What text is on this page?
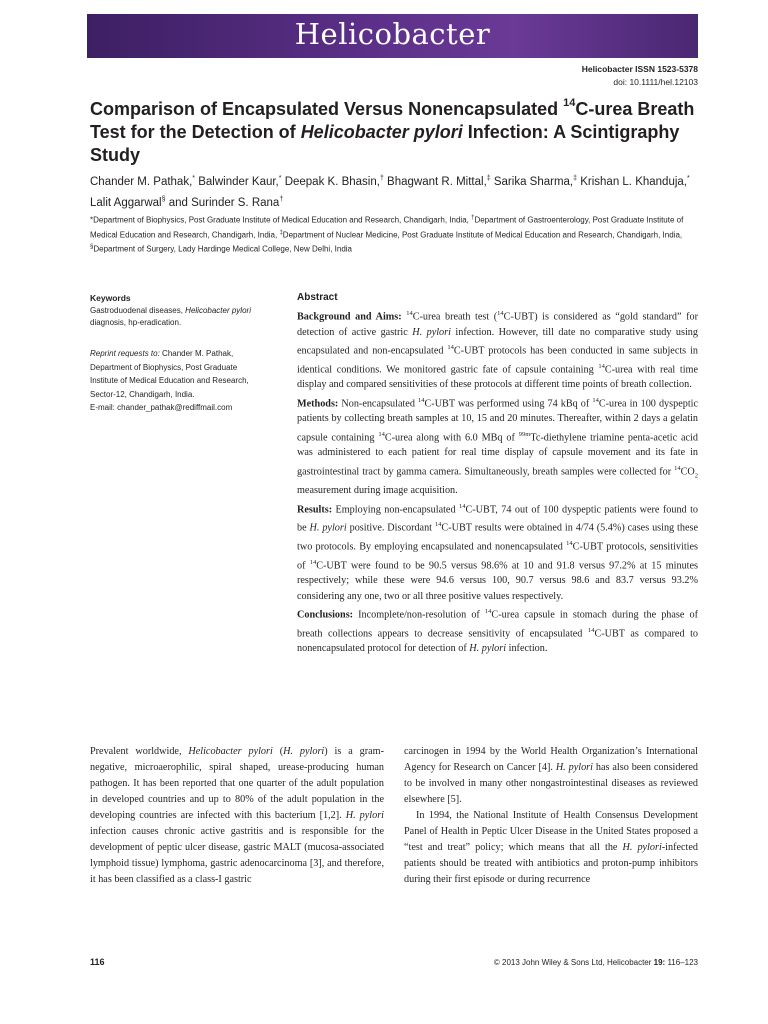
Helicobacter
Helicobacter ISSN 1523-5378
doi: 10.1111/hel.12103
Comparison of Encapsulated Versus Nonencapsulated $^{14}$C-urea Breath Test for the Detection of Helicobacter pylori Infection: A Scintigraphy Study
Chander M. Pathak,* Balwinder Kaur,* Deepak K. Bhasin,† Bhagwant R. Mittal,‡ Sarika Sharma,‡ Krishan L. Khanduja,* Lalit Aggarwal§ and Surinder S. Rana†
*Department of Biophysics, Post Graduate Institute of Medical Education and Research, Chandigarh, India, †Department of Gastroenterology, Post Graduate Institute of Medical Education and Research, Chandigarh, India, ‡Department of Nuclear Medicine, Post Graduate Institute of Medical Education and Research, Chandigarh, India, §Department of Surgery, Lady Hardinge Medical College, New Delhi, India
Keywords
Gastroduodenal diseases, Helicobacter pylori diagnosis, hp-eradication.
Reprint requests to: Chander M. Pathak,
Department of Biophysics, Post Graduate
Institute of Medical Education and Research,
Sector-12, Chandigarh, India.
E-mail: chander_pathak@rediffmail.com
Abstract
Background and Aims: $^{14}$C-urea breath test ($^{14}$C-UBT) is considered as “gold standard” for detection of active gastric H. pylori infection. However, till date no comparative study using encapsulated and non-encapsulated $^{14}$C-UBT protocols has been conducted in same subjects in identical conditions. We monitored gastric fate of capsule containing $^{14}$C-urea with real time display and compared sensitivities of these protocols at different time points of breath collection.
Methods: Non-encapsulated $^{14}$C-UBT was performed using 74 kBq of $^{14}$C-urea in 100 dyspeptic patients by collecting breath samples at 10, 15 and 20 minutes. Thereafter, within 2 days a gelatin capsule containing $^{14}$C-urea along with 6.0 MBq of $^{99m}$Tc-diethylene triamine penta-acetic acid was administered to each patient for real time display of capsule movement and its fate in gastrointestinal tract by gamma camera. Simultaneously, breath samples were collected for $^{14}CO_2$ measurement during image acquisition.
Results: Employing non-encapsulated $^{14}$C-UBT, 74 out of 100 dyspeptic patients were found to be H. pylori positive. Discordant $^{14}$C-UBT results were obtained in 4/74 (5.4%) cases using these two protocols. By employing encapsulated and nonencapsulated $^{14}$C-UBT protocols, sensitivities of $^{14}$C-UBT were found to be 90.5 versus 98.6% at 10 and 91.8 versus 97.2% at 15 minutes respectively; while these were 94.6 versus 100, 90.7 versus 98.6 and 83.7 versus 93.2% considering any one, two or all three positive values respectively.
Conclusions: Incomplete/non-resolution of $^{14}$C-urea capsule in stomach during the phase of breath collections appears to decrease sensitivity of encapsulated $^{14}$C-UBT as compared to nonencapsulated protocol for detection of H. pylori infection.
Prevalent worldwide, Helicobacter pylori (H. pylori) is a gram-negative, microaerophilic, spiral shaped, urease-producing human pathogen. It has been reported that one quarter of the adult population in developed countries and up to 80% of the adult population in the developing countries are infected with this bacterium [1,2]. H. pylori infection causes chronic active gastritis and is responsible for the development of peptic ulcer disease, gastric MALT (mucosa-associated lymphoid tissue) lymphoma, gastric adenocarcinoma [3], and therefore, it has been classified as a class-I gastric
carcinogen in 1994 by the World Health Organization’s International Agency for Research on Cancer [4]. H. pylori has also been considered to be involved in many other nongastrointestinal diseases as reviewed elsewhere [5].
In 1994, the National Institute of Health Consensus Development Panel of Health in Peptic Ulcer Disease in the United States proposed a “test and treat” policy; which means that all the H. pylori-infected patients should be treated with antibiotics and proton-pump inhibitors during their first episode or during recurrence
116	© 2013 John Wiley & Sons Ltd, Helicobacter 19: 116–123
